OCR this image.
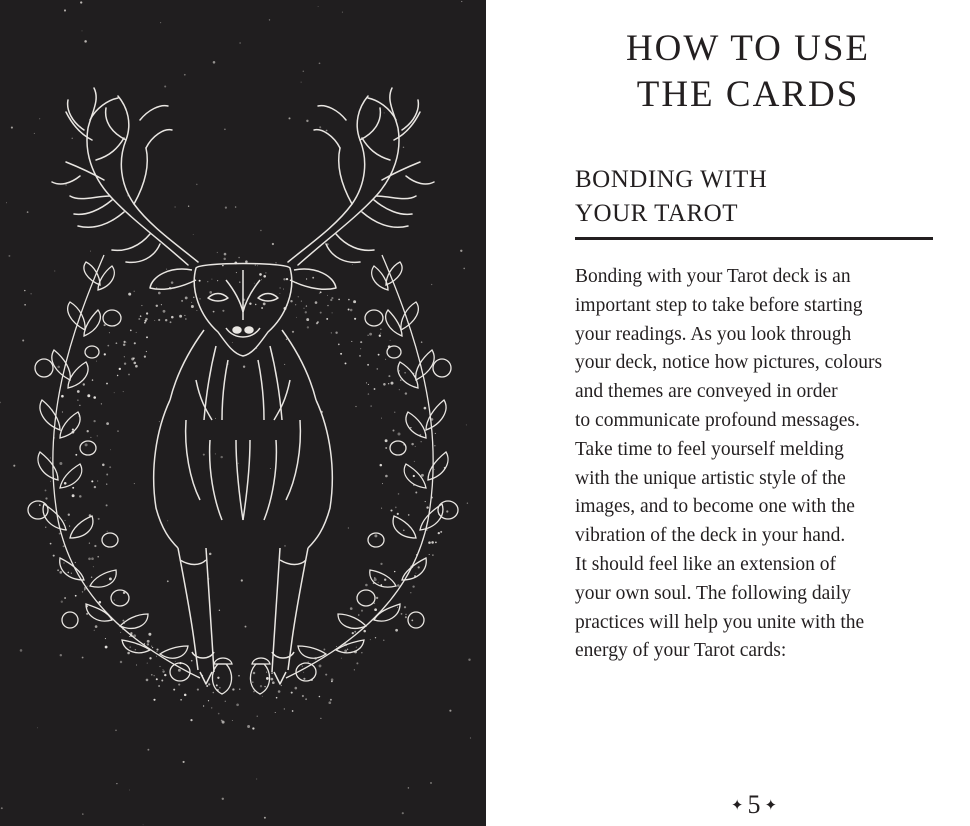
HOW TO USE
THE CARDS
BONDING WITH
YOUR TAROT

Bonding with your Tarot deck is an
important step to take before starting
your readings. As you look through
your deck, notice how pictures, colours
and themes are conveyed in order
to communicate profound messages.
Take time to feel yourself melding
with the unique artistic style of the
images, and to become one with the
vibration of the deck in your hand.
It should feel like an extension of
your own soul. The following daily
practices will help you unite with the
energy of your Tarot cards:

✦ 5 ✦
